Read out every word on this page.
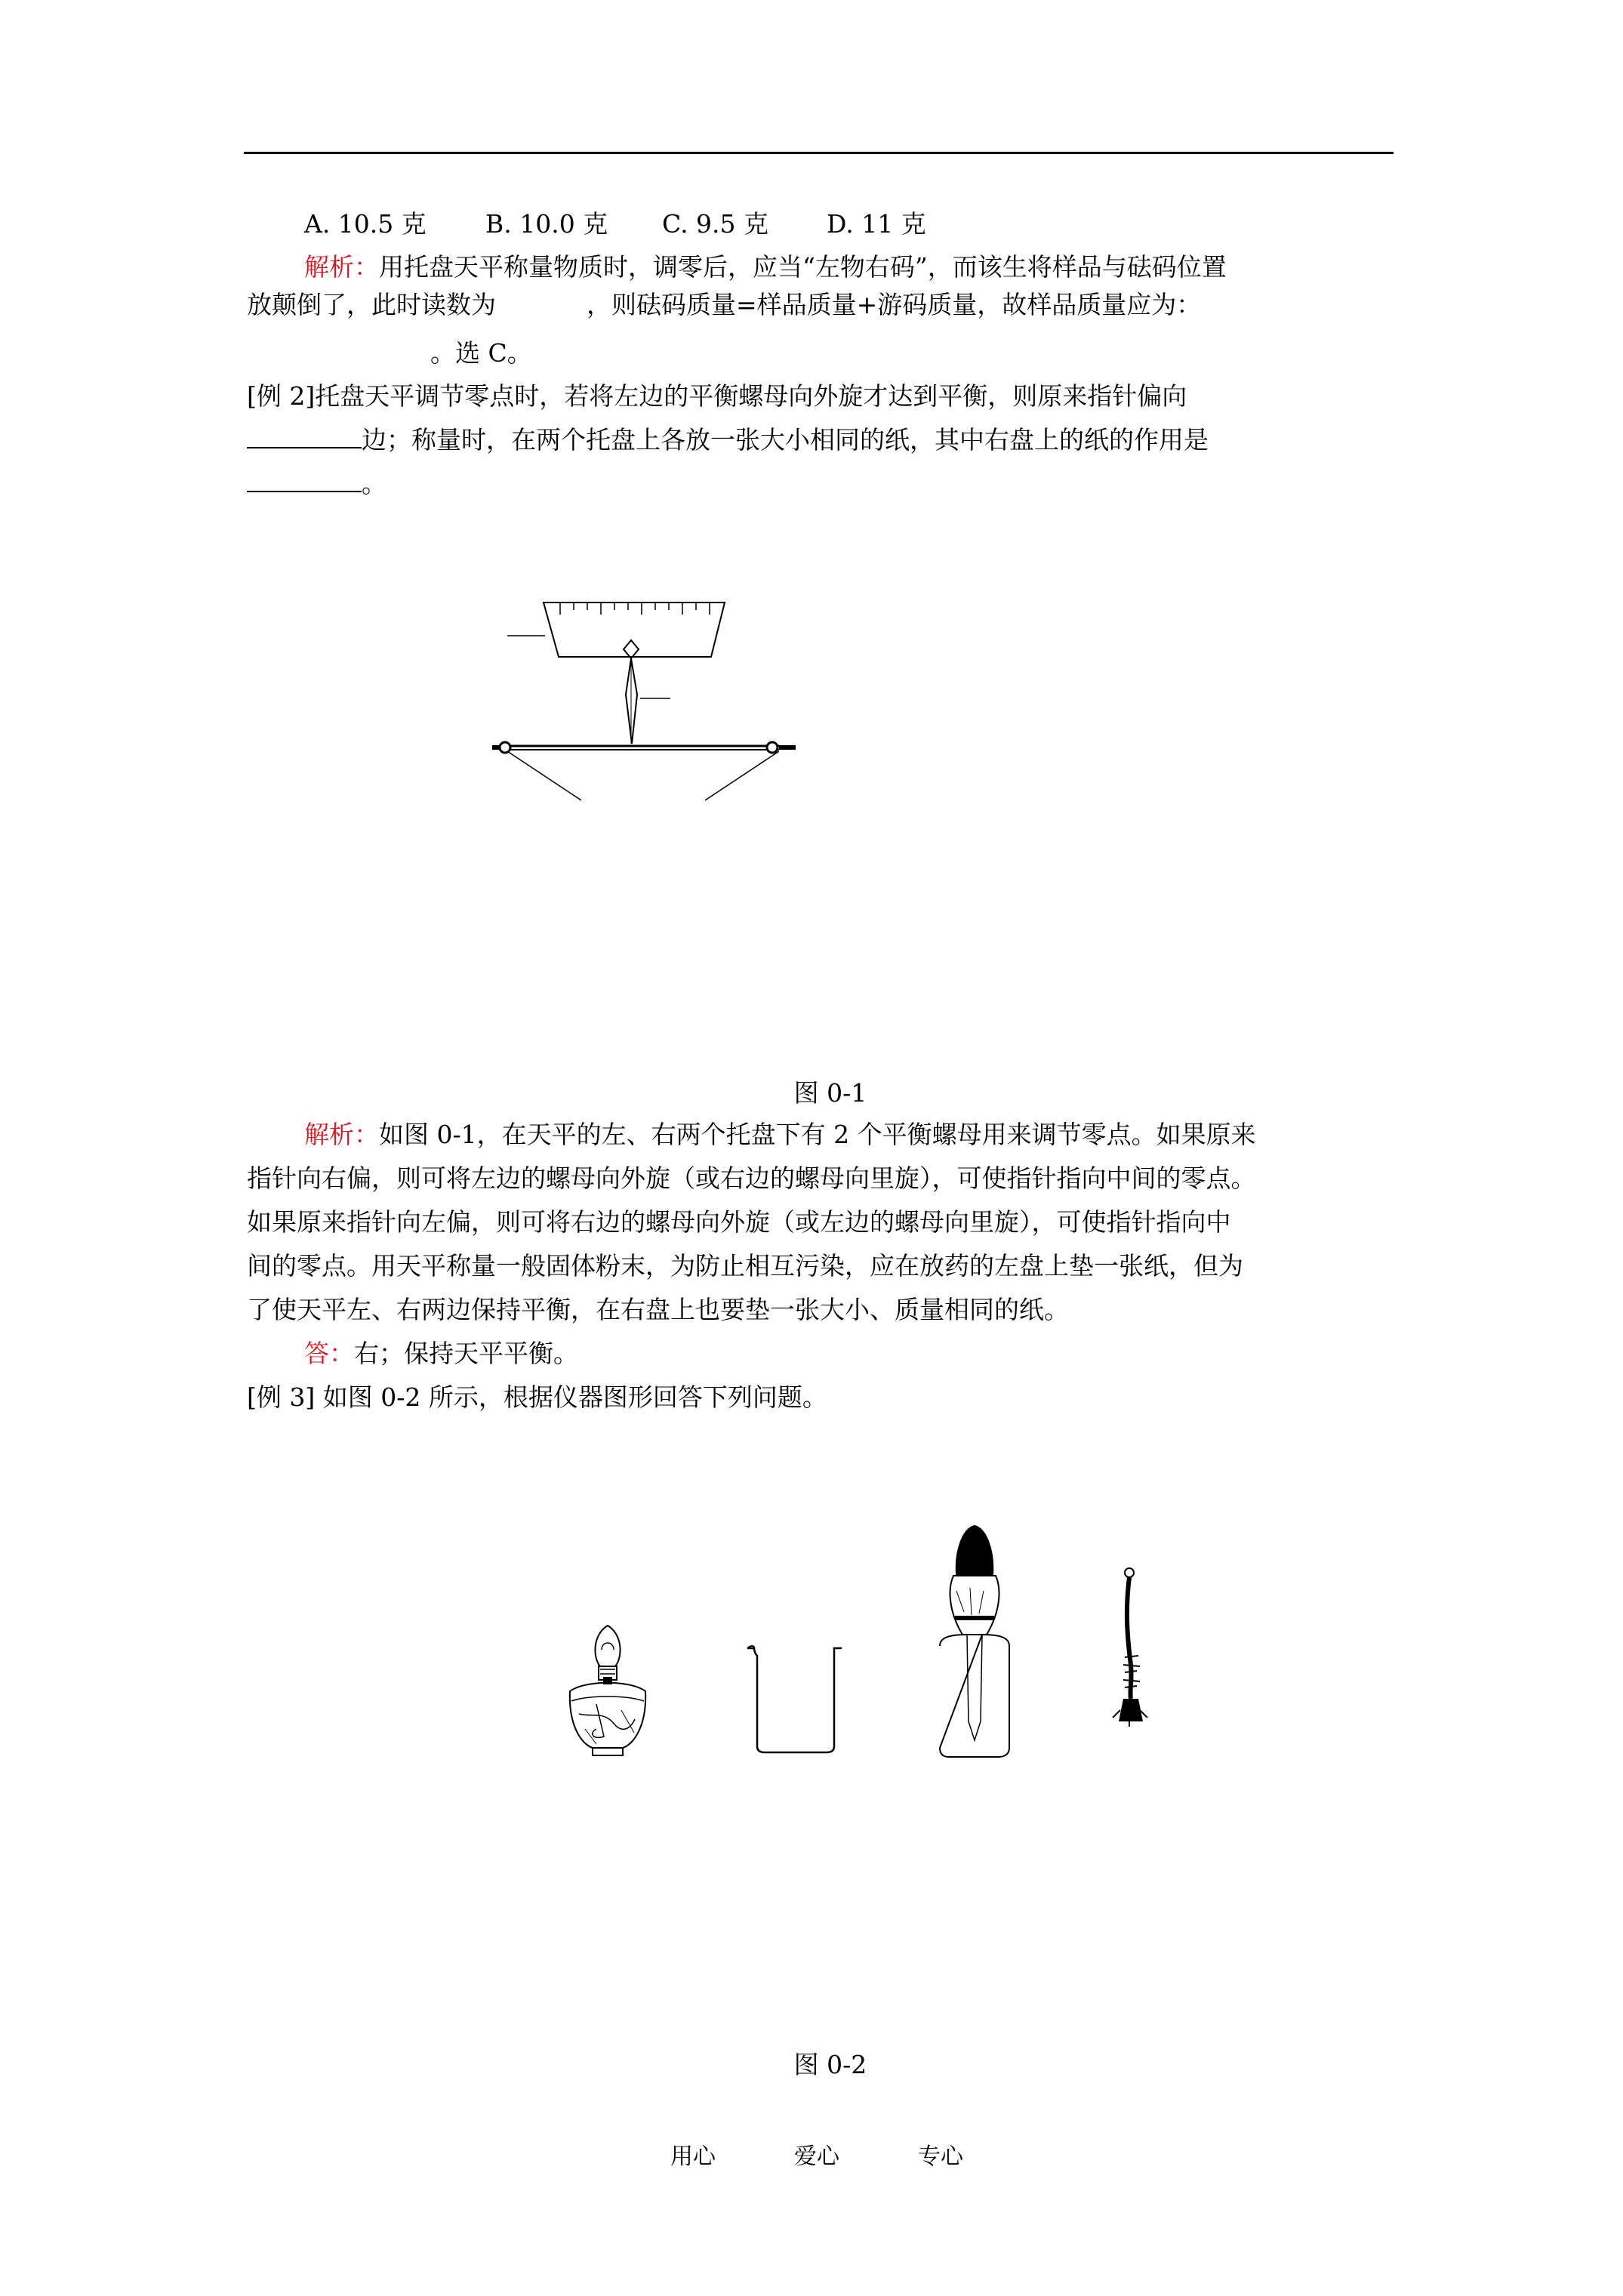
A. 10.5 克 B. 10.0 克 C. 9.5 克 D. 11 克
解析：用托盘天平称量物质时，调零后，应当“左物右码”，而该生将样品与砝码位置
放颠倒了，此时读数为	，则砝码质量=样品质量+游码质量，故样品质量应为：
。选 C。
[例 2]托盘天平调节零点时，若将左边的平衡螺母向外旋才达到平衡，则原来指针偏向
边；称量时，在两个托盘上各放一张大小相同的纸，其中右盘上的纸的作用是
。
图 0-1
解析：如图 0-1，在天平的左、右两个托盘下有 2 个平衡螺母用来调节零点。如果原来
指针向右偏，则可将左边的螺母向外旋（或右边的螺母向里旋），可使指针指向中间的零点。
如果原来指针向左偏，则可将右边的螺母向外旋（或左边的螺母向里旋），可使指针指向中
间的零点。用天平称量一般固体粉末，为防止相互污染，应在放药的左盘上垫一张纸，但为
了使天平左、右两边保持平衡，在右盘上也要垫一张大小、质量相同的纸。
答：右；保持天平平衡。
[例 3] 如图 0-2 所示，根据仪器图形回答下列问题。
图 0-2
用心	爱心	专心
